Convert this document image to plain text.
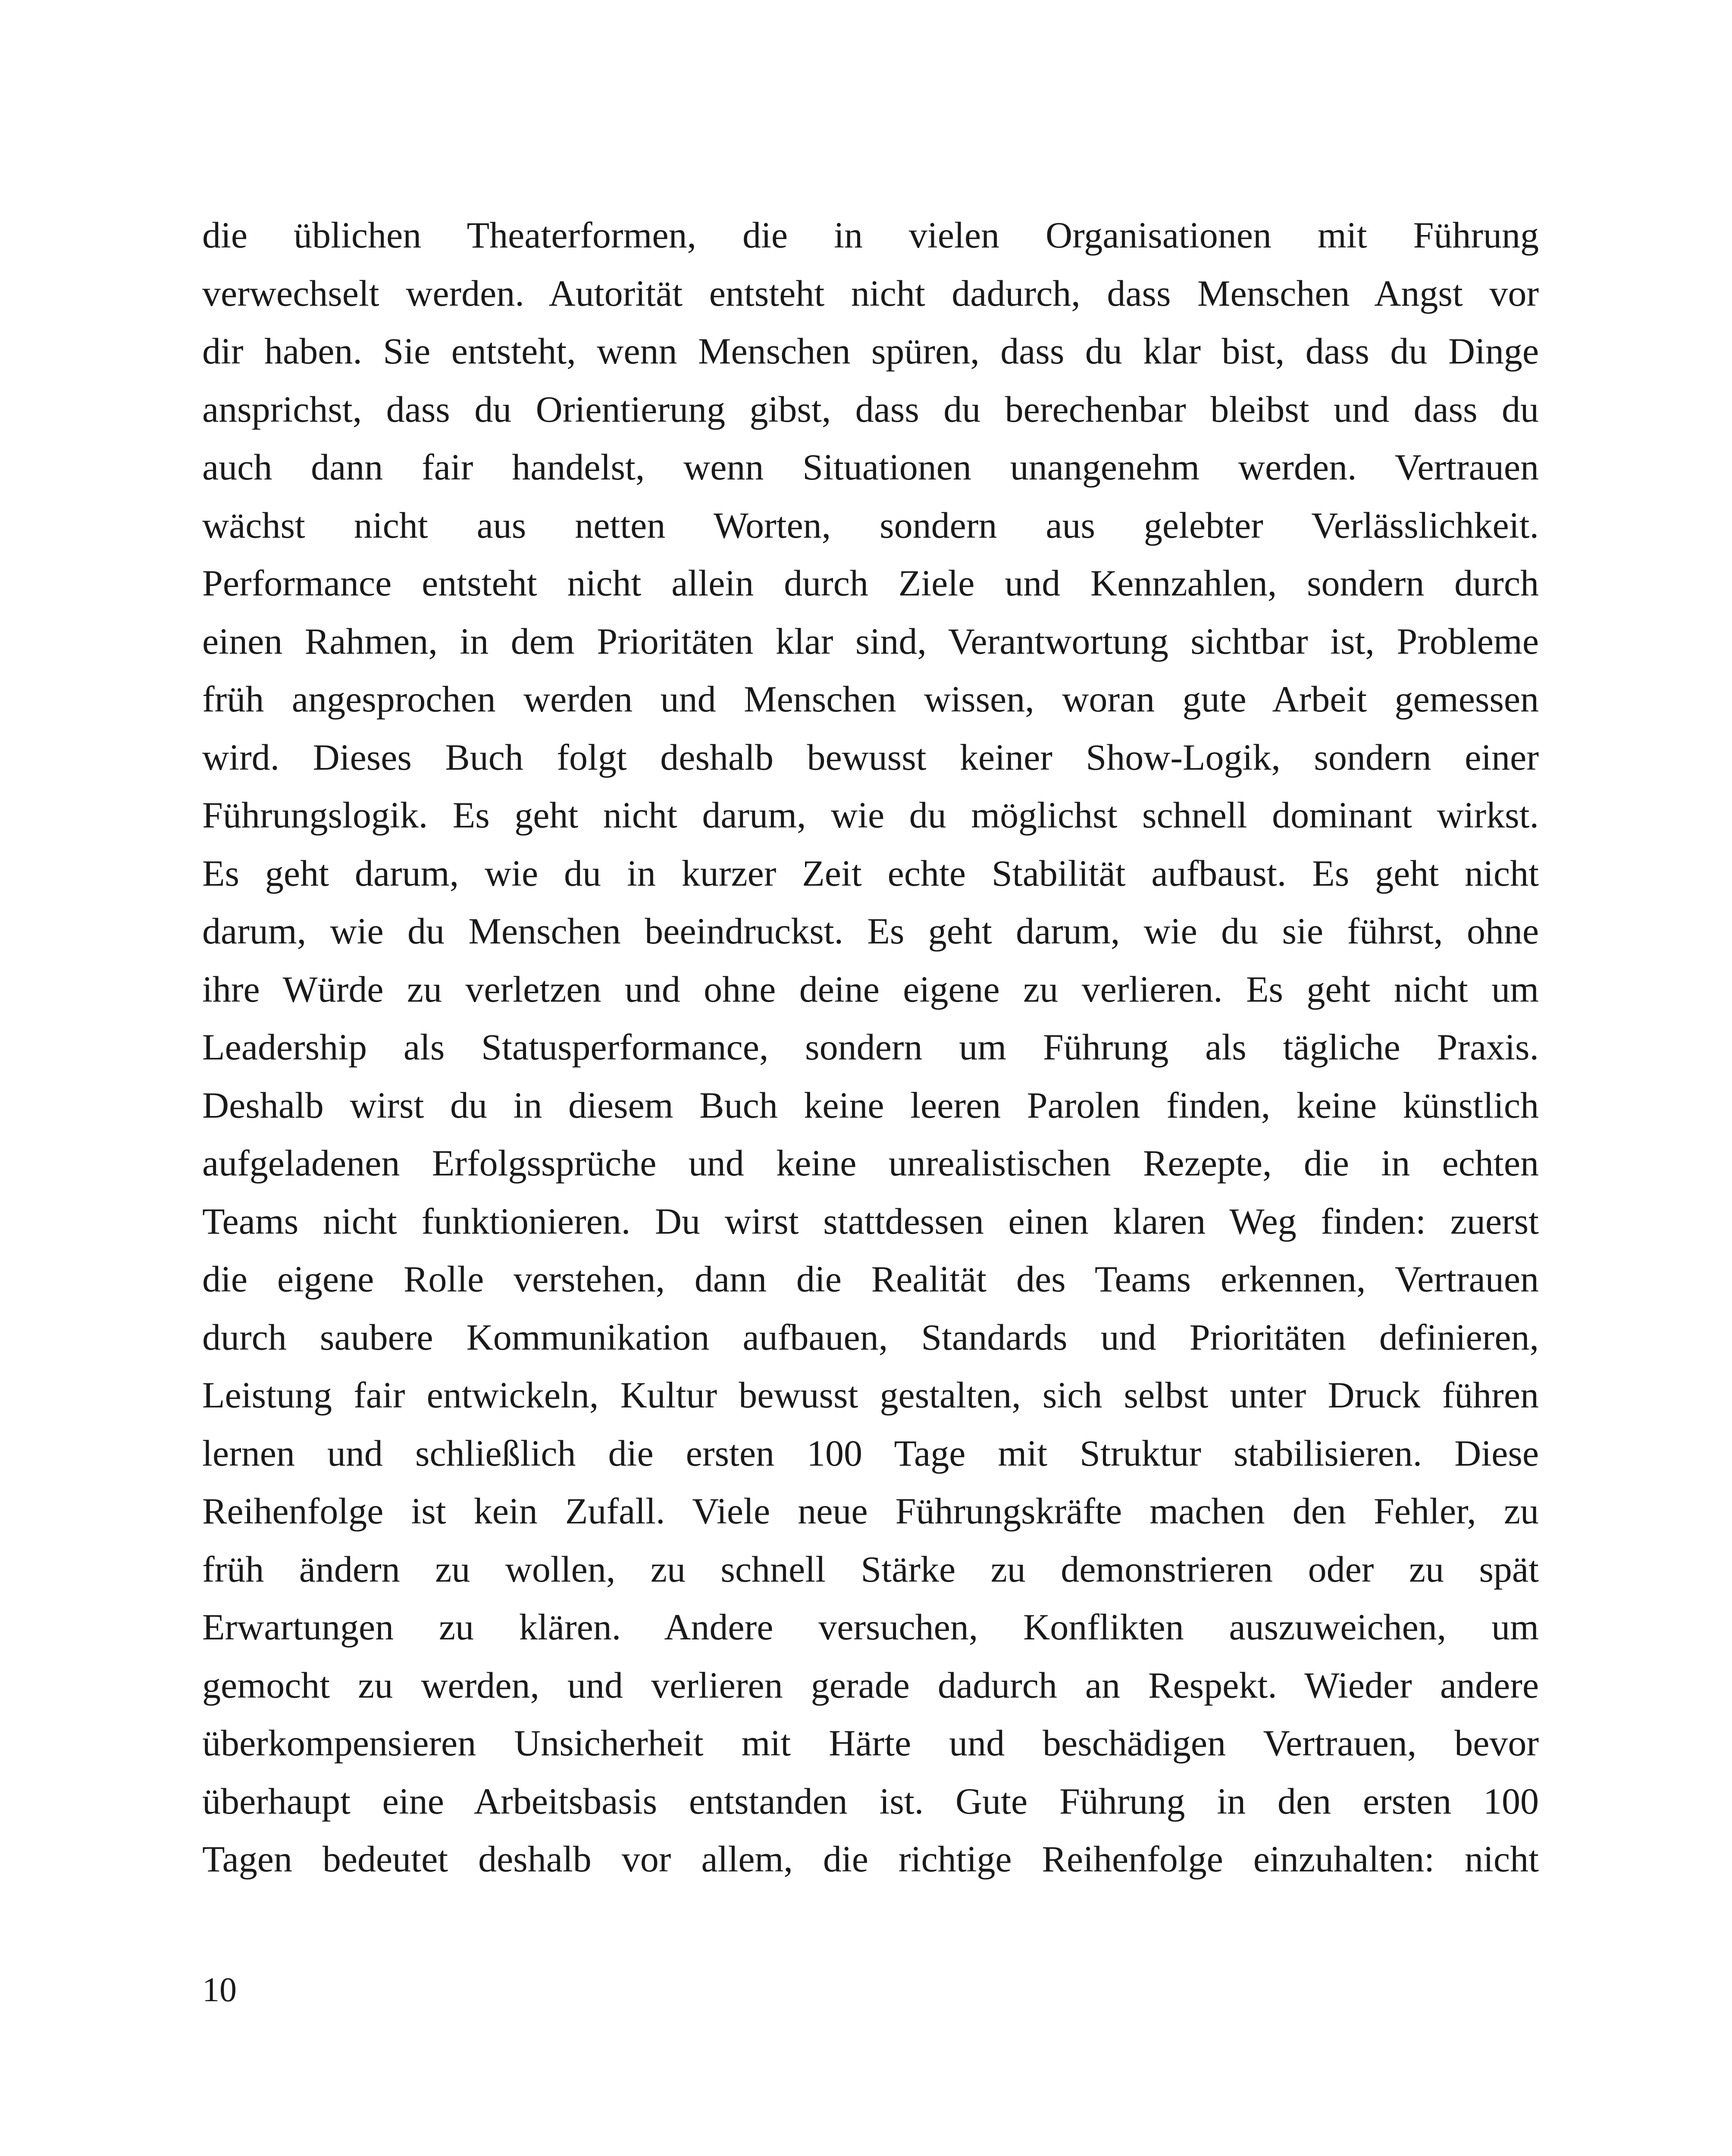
die üblichen Theaterformen, die in vielen Organisationen mit Führung
verwechselt werden. Autorität entsteht nicht dadurch, dass Menschen Angst vor
dir haben. Sie entsteht, wenn Menschen spüren, dass du klar bist, dass du Dinge
ansprichst, dass du Orientierung gibst, dass du berechenbar bleibst und dass du
auch dann fair handelst, wenn Situationen unangenehm werden. Vertrauen
wächst nicht aus netten Worten, sondern aus gelebter Verlässlichkeit.
Performance entsteht nicht allein durch Ziele und Kennzahlen, sondern durch
einen Rahmen, in dem Prioritäten klar sind, Verantwortung sichtbar ist, Probleme
früh angesprochen werden und Menschen wissen, woran gute Arbeit gemessen
wird. Dieses Buch folgt deshalb bewusst keiner Show-Logik, sondern einer
Führungslogik. Es geht nicht darum, wie du möglichst schnell dominant wirkst.
Es geht darum, wie du in kurzer Zeit echte Stabilität aufbaust. Es geht nicht
darum, wie du Menschen beeindruckst. Es geht darum, wie du sie führst, ohne
ihre Würde zu verletzen und ohne deine eigene zu verlieren. Es geht nicht um
Leadership als Statusperformance, sondern um Führung als tägliche Praxis.
Deshalb wirst du in diesem Buch keine leeren Parolen finden, keine künstlich
aufgeladenen Erfolgssprüche und keine unrealistischen Rezepte, die in echten
Teams nicht funktionieren. Du wirst stattdessen einen klaren Weg finden: zuerst
die eigene Rolle verstehen, dann die Realität des Teams erkennen, Vertrauen
durch saubere Kommunikation aufbauen, Standards und Prioritäten definieren,
Leistung fair entwickeln, Kultur bewusst gestalten, sich selbst unter Druck führen
lernen und schließlich die ersten 100 Tage mit Struktur stabilisieren. Diese
Reihenfolge ist kein Zufall. Viele neue Führungskräfte machen den Fehler, zu
früh ändern zu wollen, zu schnell Stärke zu demonstrieren oder zu spät
Erwartungen zu klären. Andere versuchen, Konflikten auszuweichen, um
gemocht zu werden, und verlieren gerade dadurch an Respekt. Wieder andere
überkompensieren Unsicherheit mit Härte und beschädigen Vertrauen, bevor
überhaupt eine Arbeitsbasis entstanden ist. Gute Führung in den ersten 100
Tagen bedeutet deshalb vor allem, die richtige Reihenfolge einzuhalten: nicht
10
